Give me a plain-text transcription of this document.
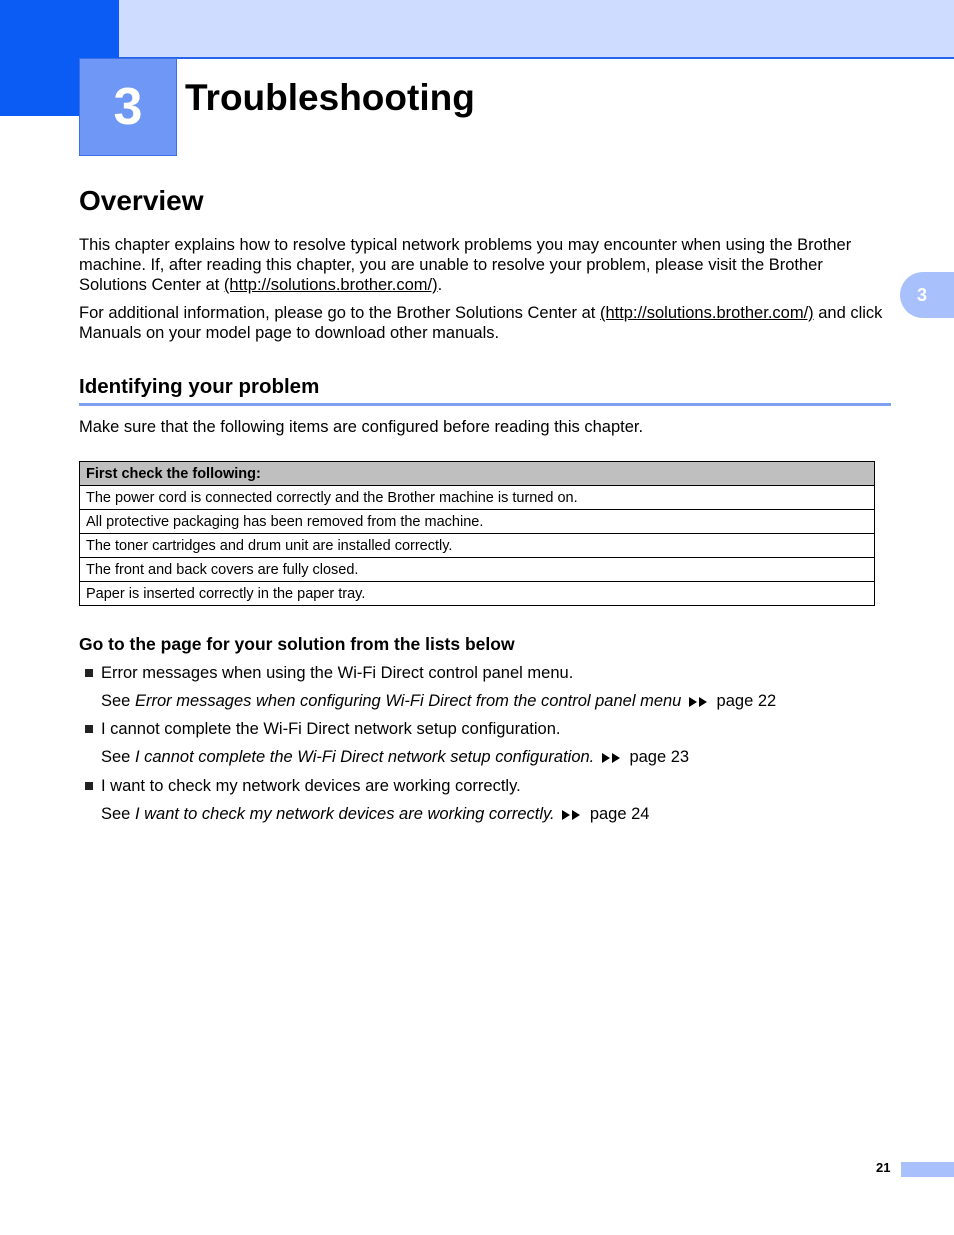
3	Troubleshooting
3
Overview

This chapter explains how to resolve typical network problems you may encounter when using the Brother machine. If, after reading this chapter, you are unable to resolve your problem, please visit the Brother Solutions Center at (http://solutions.brother.com/).

For additional information, please go to the Brother Solutions Center at (http://solutions.brother.com/) and click Manuals on your model page to download other manuals.

Identifying your problem

Make sure that the following items are configured before reading this chapter.

First check the following:
The power cord is connected correctly and the Brother machine is turned on.
All protective packaging has been removed from the machine.
The toner cartridges and drum unit are installed correctly.
The front and back covers are fully closed.
Paper is inserted correctly in the paper tray.
Go to the page for your solution from the lists below
Error messages when using the Wi-Fi Direct control panel menu.
See Error messages when configuring Wi-Fi Direct from the control panel menu  page 22
I cannot complete the Wi-Fi Direct network setup configuration.
See I cannot complete the Wi-Fi Direct network setup configuration.  page 23
I want to check my network devices are working correctly.
See I want to check my network devices are working correctly.  page 24
21
